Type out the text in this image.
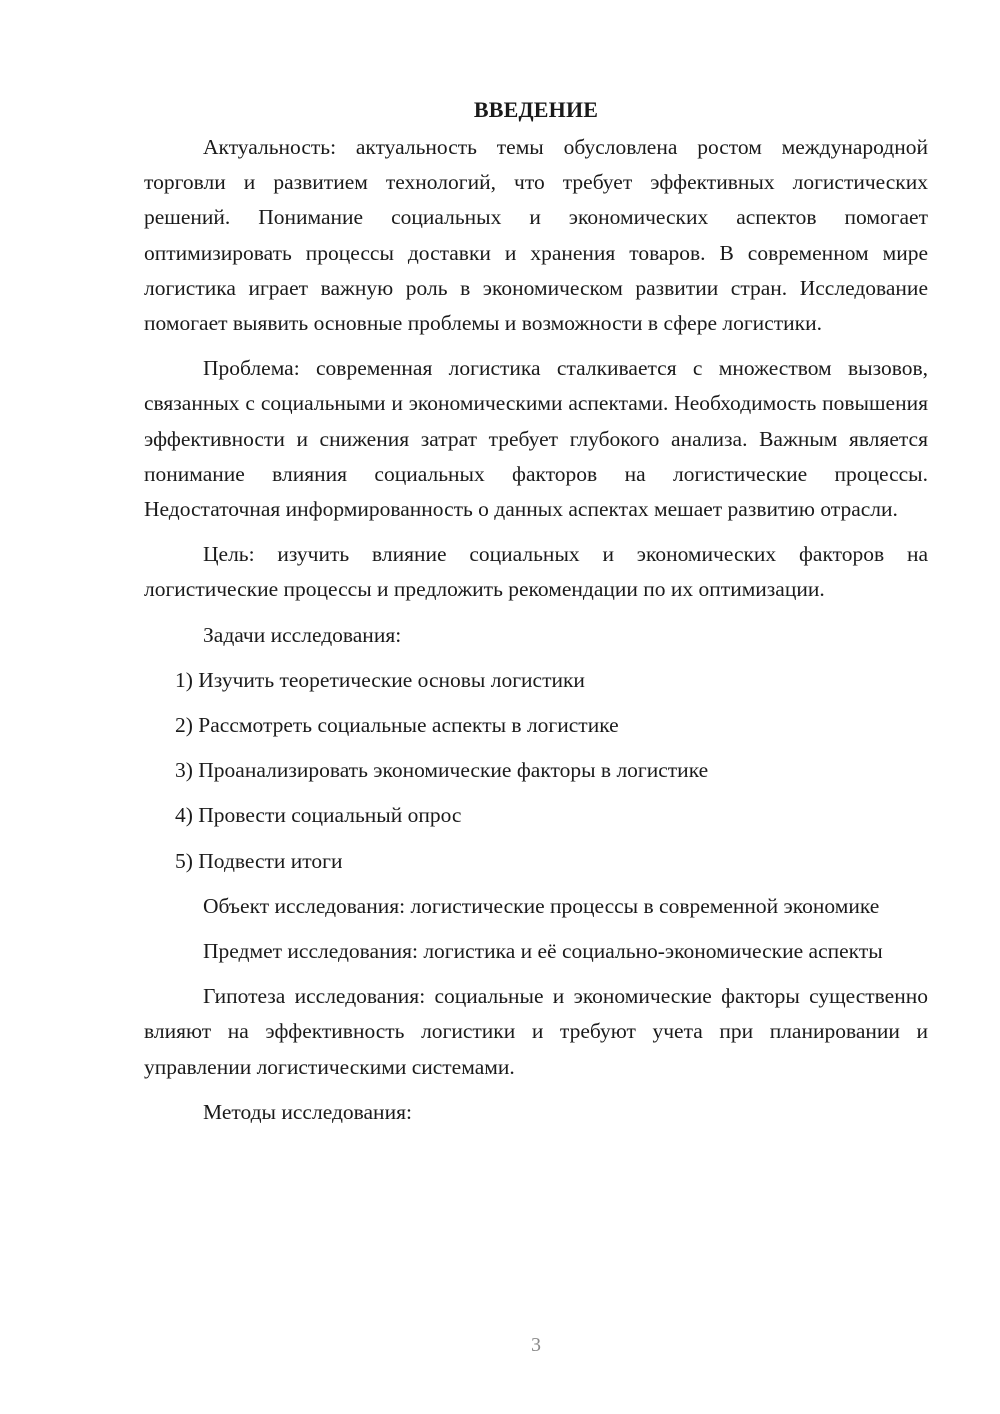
ВВЕДЕНИЕ

Актуальность: актуальность темы обусловлена ростом международной торговли и развитием технологий, что требует эффективных логистических решений. Понимание социальных и экономических аспектов помогает оптимизировать процессы доставки и хранения товаров. В современном мире логистика играет важную роль в экономическом развитии стран. Исследование помогает выявить основные проблемы и возможности в сфере логистики.

Проблема: современная логистика сталкивается с множеством вызовов, связанных с социальными и экономическими аспектами. Необходимость повышения эффективности и снижения затрат требует глубокого анализа. Важным является понимание влияния социальных факторов на логистические процессы. Недостаточная информированность о данных аспектах мешает развитию отрасли.

Цель: изучить влияние социальных и экономических факторов на логистические процессы и предложить рекомендации по их оптимизации.

Задачи исследования:

1) Изучить теоретические основы логистики
2) Рассмотреть социальные аспекты в логистике
3) Проанализировать экономические факторы в логистике
4) Провести социальный опрос
5) Подвести итоги

Объект исследования: логистические процессы в современной экономике

Предмет исследования: логистика и её социально-экономические аспекты

Гипотеза исследования: социальные и экономические факторы существенно влияют на эффективность логистики и требуют учета при планировании и управлении логистическими системами.

Методы исследования:

3
